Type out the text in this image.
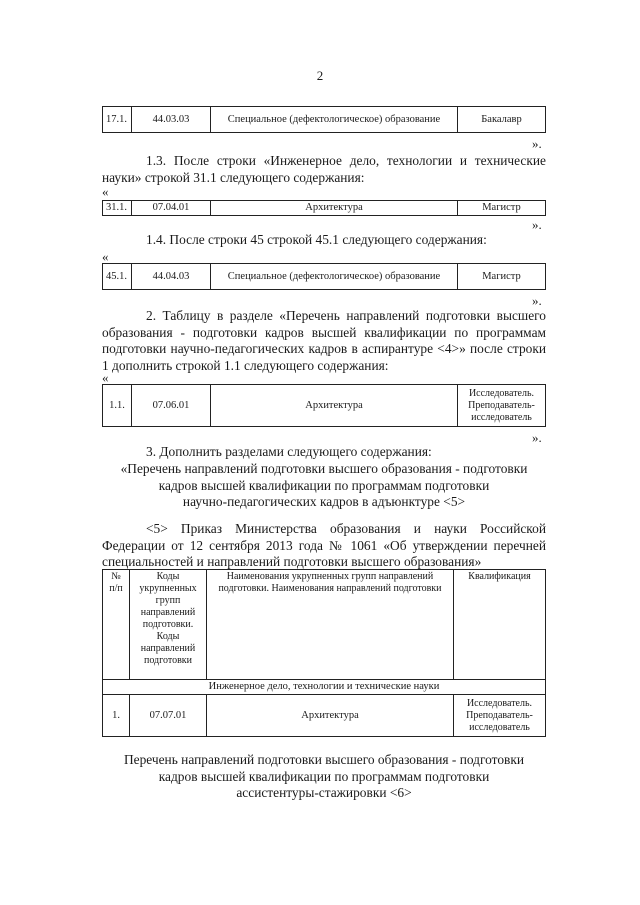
2
17.1.	44.03.03	Специальное (дефектологическое) образование	Бакалавр
».
1.3. После строки «Инженерное дело, технологии и технические науки» строкой 31.1 следующего содержания:
«
31.1.	07.04.01	Архитектура	Магистр
».
1.4. После строки 45 строкой 45.1 следующего содержания:
«
45.1.	44.04.03	Специальное (дефектологическое) образование	Магистр
».
2. Таблицу в разделе «Перечень направлений подготовки высшего образования - подготовки кадров высшей квалификации по программам подготовки научно-педагогических кадров в аспирантуре <4>» после строки 1 дополнить строкой 1.1 следующего содержания:
«
1.1.	07.06.01	Архитектура	Исследователь. Преподаватель-исследователь
».
3. Дополнить разделами следующего содержания:
«Перечень направлений подготовки высшего образования - подготовки
кадров высшей квалификации по программам подготовки
научно-педагогических кадров в адъюнктуре <5>
<5> Приказ Министерства образования и науки Российской Федерации от 12 сентября 2013 года № 1061 «Об утверждении перечней специальностей и направлений подготовки высшего образования»
№ п/п	Коды укрупненных групп направлений подготовки. Коды направлений подготовки	Наименования укрупненных групп направлений подготовки. Наименования направлений подготовки	Квалификация
Инженерное дело, технологии и технические науки			
1.	07.07.01	Архитектура	Исследователь. Преподаватель-исследователь
Перечень направлений подготовки высшего образования - подготовки
кадров высшей квалификации по программам подготовки
ассистентуры-стажировки <6>
